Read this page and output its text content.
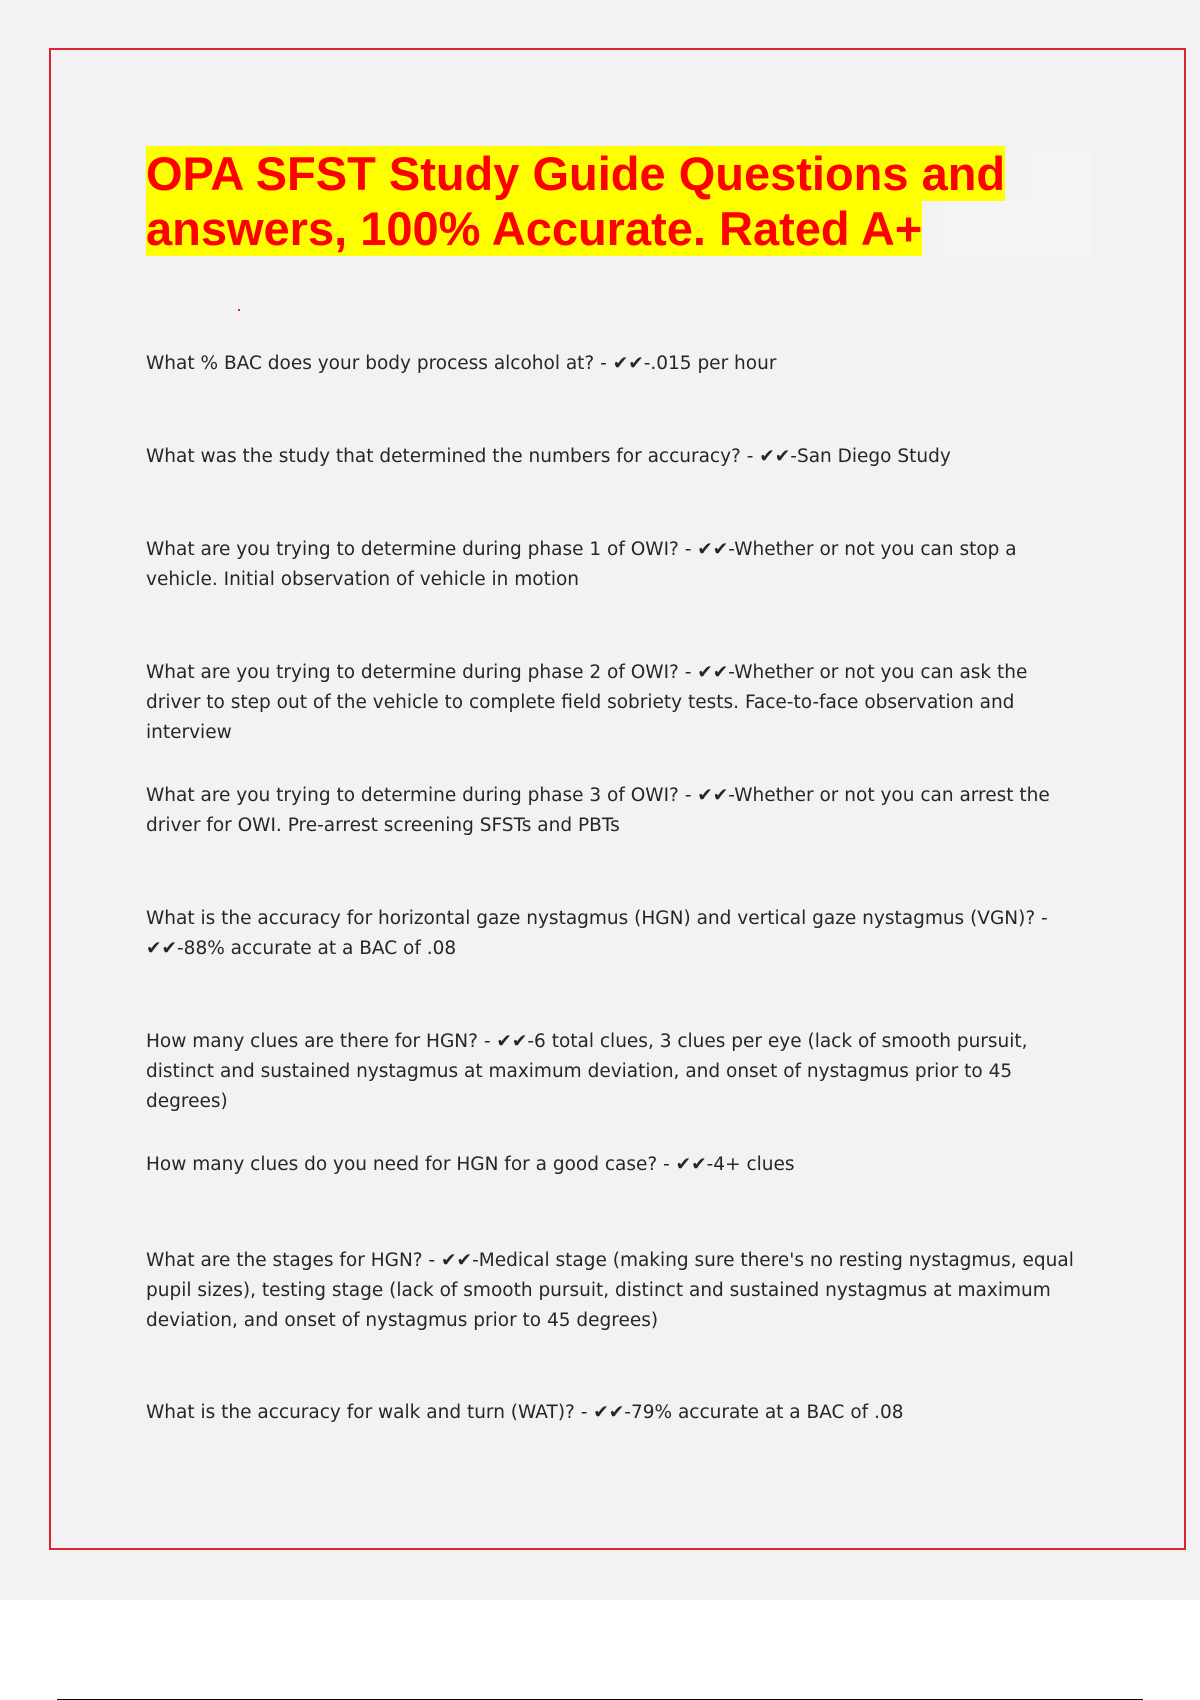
OPA SFST Study Guide Questions and
answers, 100% Accurate. Rated A+

What % BAC does your body process alcohol at? - ✔✔-.015 per hour

What was the study that determined the numbers for accuracy? - ✔✔-San Diego Study

What are you trying to determine during phase 1 of OWI? - ✔✔-Whether or not you can stop a vehicle. Initial observation of vehicle in motion

What are you trying to determine during phase 2 of OWI? - ✔✔-Whether or not you can ask the driver to step out of the vehicle to complete field sobriety tests. Face-to-face observation and interview

What are you trying to determine during phase 3 of OWI? - ✔✔-Whether or not you can arrest the driver for OWI. Pre-arrest screening SFSTs and PBTs

What is the accuracy for horizontal gaze nystagmus (HGN) and vertical gaze nystagmus (VGN)? - ✔✔-88% accurate at a BAC of .08

How many clues are there for HGN? - ✔✔-6 total clues, 3 clues per eye (lack of smooth pursuit, distinct and sustained nystagmus at maximum deviation, and onset of nystagmus prior to 45 degrees)

How many clues do you need for HGN for a good case? - ✔✔-4+ clues

What are the stages for HGN? - ✔✔-Medical stage (making sure there's no resting nystagmus, equal pupil sizes), testing stage (lack of smooth pursuit, distinct and sustained nystagmus at maximum deviation, and onset of nystagmus prior to 45 degrees)

What is the accuracy for walk and turn (WAT)? - ✔✔-79% accurate at a BAC of .08
